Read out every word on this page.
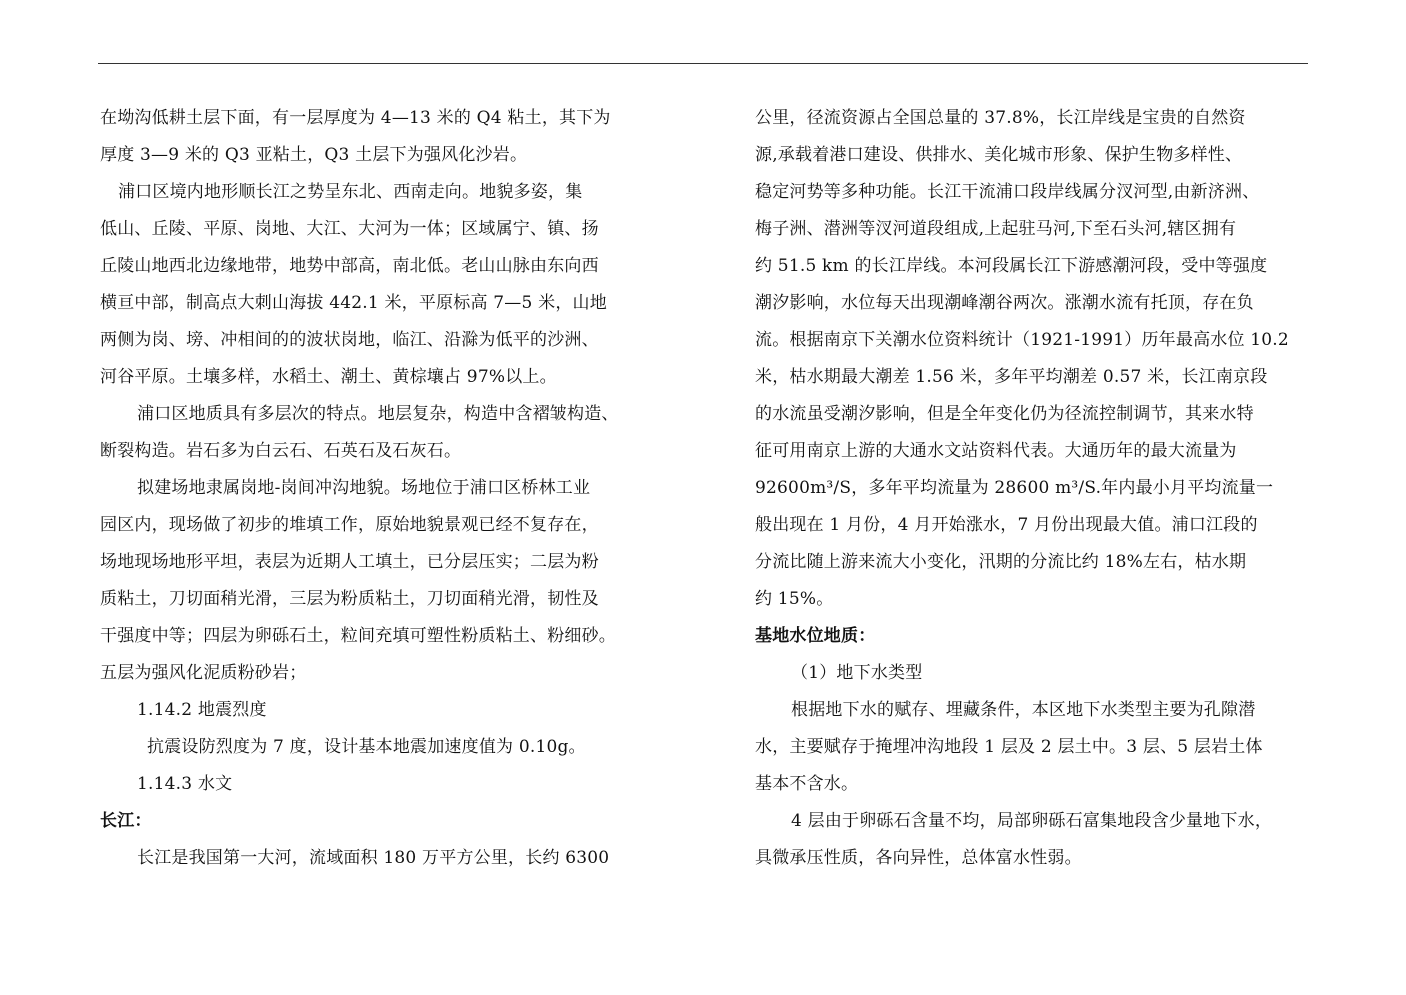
在坳沟低耕土层下面，有一层厚度为 4—13 米的 Q4 粘土，其下为
厚度 3—9 米的 Q3 亚粘土，Q3 土层下为强风化沙岩。
浦口区境内地形顺长江之势呈东北、西南走向。地貌多姿，集
低山、丘陵、平原、岗地、大江、大河为一体；区域属宁、镇、扬
丘陵山地西北边缘地带，地势中部高，南北低。老山山脉由东向西
横亘中部，制高点大刺山海拔 442.1 米，平原标高 7—5 米，山地
两侧为岗、塝、冲相间的的波状岗地，临江、沿滁为低平的沙洲、
河谷平原。土壤多样，水稻土、潮土、黄棕壤占 97%以上。
浦口区地质具有多层次的特点。地层复杂，构造中含褶皱构造、
断裂构造。岩石多为白云石、石英石及石灰石。
拟建场地隶属岗地-岗间冲沟地貌。场地位于浦口区桥林工业
园区内，现场做了初步的堆填工作，原始地貌景观已经不复存在，
场地现场地形平坦，表层为近期人工填土，已分层压实；二层为粉
质粘土，刀切面稍光滑，三层为粉质粘土，刀切面稍光滑，韧性及
干强度中等；四层为卵砾石土，粒间充填可塑性粉质粘土、粉细砂。
五层为强风化泥质粉砂岩；
1.14.2 地震烈度
抗震设防烈度为 7 度，设计基本地震加速度值为 0.10g。
1.14.3 水文
长江：
长江是我国第一大河，流域面积 180 万平方公里，长约 6300
公里，径流资源占全国总量的 37.8%，长江岸线是宝贵的自然资
源,承载着港口建设、供排水、美化城市形象、保护生物多样性、
稳定河势等多种功能。长江干流浦口段岸线属分汊河型,由新济洲、
梅子洲、潜洲等汊河道段组成,上起驻马河,下至石头河,辖区拥有
约 51.5 km 的长江岸线。本河段属长江下游感潮河段，受中等强度
潮汐影响，水位每天出现潮峰潮谷两次。涨潮水流有托顶，存在负
流。根据南京下关潮水位资料统计（1921-1991）历年最高水位 10.2
米，枯水期最大潮差 1.56 米，多年平均潮差 0.57 米，长江南京段
的水流虽受潮汐影响，但是全年变化仍为径流控制调节，其来水特
征可用南京上游的大通水文站资料代表。大通历年的最大流量为
92600m³/S，多年平均流量为 28600 m³/S.年内最小月平均流量一
般出现在 1 月份，4 月开始涨水，7 月份出现最大值。浦口江段的
分流比随上游来流大小变化，汛期的分流比约 18%左右，枯水期
约 15%。
基地水位地质：
（1）地下水类型
根据地下水的赋存、埋藏条件，本区地下水类型主要为孔隙潜
水，主要赋存于掩埋冲沟地段 1 层及 2 层土中。3 层、5 层岩土体
基本不含水。
4 层由于卵砾石含量不均，局部卵砾石富集地段含少量地下水，
具微承压性质，各向异性，总体富水性弱。
